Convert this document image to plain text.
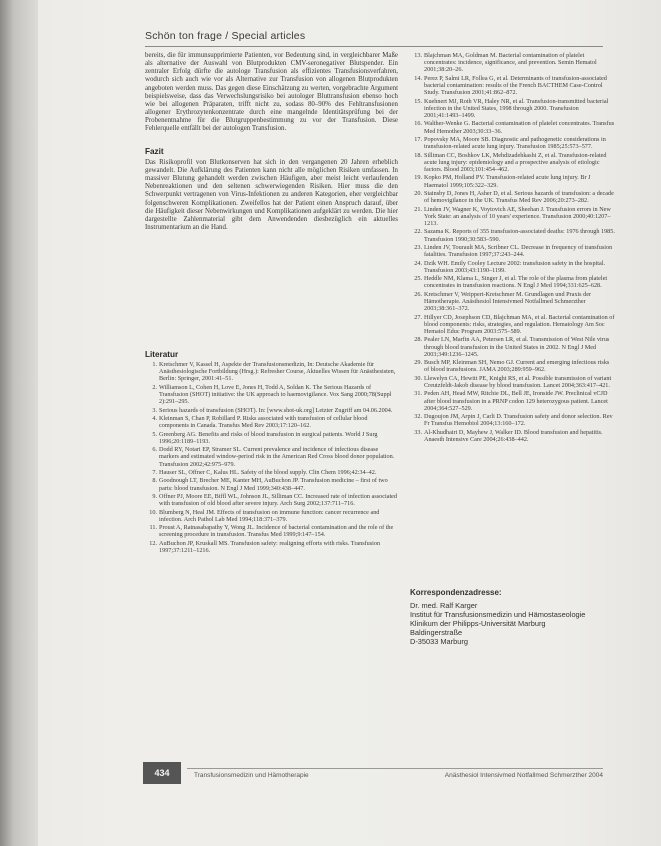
Schön ton frage / Special articles

bereits, die für immunsupprimierte Patienten, vor Bedeutung sind, in vergleichbarer Maße als alternative der Auswahl von Blutprodukten CMV-seronegativer Blutspender. Ein zentraler Erfolg dürfte die autologe Transfusion als effizientes Transfusionsverfahren, wodurch sich auch wie vor als Alternative zur Transfusion von allogenen Blutprodukten angeboten werden muss. Das gegen diese Einschätzung zu werten, vorgebrachte Argument beispielsweise, dass das Verwechslungsrisiko bei autologer Bluttransfusion ebenso hoch wie bei allogenen Präparaten, trifft nicht zu, sodass 80–90% des Fehltransfusionen allogener Erythrozytenkonzentrate durch eine mangelnde Identitätsprüfung bei der Probenentnahme für die Blutgruppenbestimmung zu vor der Transfusion. Diese Fehlerquelle entfällt bei der autologen Transfusion.

Fazit

Das Risikoprofil von Blutkonserven hat sich in den vergangenen 20 Jahren erheblich gewandelt. Die Aufklärung des Patienten kann nicht alle möglichen Risiken umfassen. In massiver Blutung gehandelt werden zwischen Häufigen, aber meist leicht verlaufenden Nebenreaktionen und den seltenen schwerwiegenden Risiken. Hier muss die den Schwerpunkt vertragenen von Virus-Infektionen zu anderen Kategorien, eher vergleichbar folgenschweren Komplikationen. Zweifellos hat der Patient einen Anspruch darauf, über die Häufigkeit dieser Nebenwirkungen und Komplikationen aufgeklärt zu werden. Die hier dargestellte Zahlenmaterial gibt dem Anwendenden diesbezüglich ein aktuelles Instrumentarium an die Hand.

Literatur
1. Kretschmer V, Kassel H, Aspekte der Transfusionsmedizin, In: Deutsche Akademie für Anästhesiologische Fortbildung (Hrsg.): Refresher Course, Aktuelles Wissen für Anästhesisten, Berlin: Springer, 2001:41–51.
2. Williamson L, Cohen H, Love E, Jones H, Todd A, Soldan K. The Serious Hazards of Transfusion (SHOT) initiative: the UK approach to haemovigilance. Vox Sang 2000;78(Suppl 2):291–295.
3. Serious hazards of transfusion (SHOT). In: [www.shot-uk.org] Letzter Zugriff am 04.06.2004.
4. Kleinman S, Chan P, Robillard P. Risks associated with transfusion of cellular blood components in Canada. Transfus Med Rev 2003;17:120–162.
5. Greenberg AG. Benefits and risks of blood transfusion in surgical patients. World J Surg 1996;20:1189–1193.
6. Dodd RY, Notari EP, Stramer SL. Current prevalence and incidence of infectious disease markers and estimated window-period risk in the American Red Cross blood donor population. Transfusion 2002;42:975–979.
7. Hauser SL, Offner C, Kalus HL. Safety of the blood supply. Clin Chem 1996;42:34–42.
8. Goodnough LT, Brecher ME, Kanter MH, AuBuchon JP. Transfusion medicine – first of two parts: blood transfusion. N Engl J Med 1999;340:438–447.
9. Offner PJ, Moore EE, Biffl WL, Johnson JL, Silliman CC. Increased rate of infection associated with transfusion of old blood after severe injury. Arch Surg 2002;137:711–716.
10. Blumberg N, Heal JM. Effects of transfusion on immune function: cancer recurrence and infection. Arch Pathol Lab Med 1994;118:371–379.
11. Proust A, Ratnasabapathy Y, Wong JL. Incidence of bacterial contamination and the role of the screening procedure in transfusion. Transfus Med 1999;9:147–154.
12. AuBuchon JP, Kruskall MS. Transfusion safety: realigning efforts with risks. Transfusion 1997;37:1211–1216.
13. Blajchman MA, Goldman M. Bacterial contamination of platelet concentrates: incidence, significance, and prevention. Semin Hematol 2001;38:20–26.
14. Perez P, Salmi LR, Follea G, et al. Determinants of transfusion-associated bacterial contamination: results of the French BACTHEM Case-Control Study. Transfusion 2001;41:862–872.
15. Kuehnert MJ, Roth VR, Haley NR, et al. Transfusion-transmitted bacterial infection in the United States, 1998 through 2000. Transfusion 2001;41:1493–1499.
16. Walther-Wenke G. Bacterial contamination of platelet concentrates. Transfus Med Hemother 2003;30:33–36.
17. Popovsky MA, Moore SB. Diagnostic and pathogenetic considerations in transfusion-related acute lung injury. Transfusion 1985;25:573–577.
18. Silliman CC, Boshkov LK, Mehdizadehkashi Z, et al. Transfusion-related acute lung injury: epidemiology and a prospective analysis of etiologic factors. Blood 2003;101:454–462.
19. Kopko PM, Holland PV. Transfusion-related acute lung injury. Br J Haematol 1999;105:322–329.
20. Stainsby D, Jones H, Asher D, et al. Serious hazards of transfusion: a decade of hemovigilance in the UK. Transfus Med Rev 2006;20:273–282.
21. Linden JV, Wagner K, Voytovich AE, Sheehan J. Transfusion errors in New York State: an analysis of 10 years' experience. Transfusion 2000;40:1207–1213.
22. Sazama K. Reports of 355 transfusion-associated deaths: 1976 through 1985. Transfusion 1990;30:583–590.
23. Linden JV, Tourault MA, Scribner CL. Decrease in frequency of transfusion fatalities. Transfusion 1997;37:243–244.
24. Dzik WH. Emily Cooley Lecture 2002: transfusion safety in the hospital. Transfusion 2003;43:1190–1199.
25. Heddle NM, Klama L, Singer J, et al. The role of the plasma from platelet concentrates in transfusion reactions. N Engl J Med 1994;331:625–628.
26. Kretschmer V, Weippert-Kretschmer M. Grundlagen und Praxis der Hämotherapie. Anästhesiol Intensivmed Notfallmed Schmerzther 2003;38:361–372.
27. Hillyer CD, Josephson CD, Blajchman MA, et al. Bacterial contamination of blood components: risks, strategies, and regulation. Hematology Am Soc Hematol Educ Program 2003:575–589.
28. Pealer LN, Marfin AA, Petersen LR, et al. Transmission of West Nile virus through blood transfusion in the United States in 2002. N Engl J Med 2003;349:1236–1245.
29. Busch MP, Kleinman SH, Nemo GJ. Current and emerging infectious risks of blood transfusions. JAMA 2003;289:959–962.
30. Llewelyn CA, Hewitt PE, Knight RS, et al. Possible transmission of variant Creutzfeldt-Jakob disease by blood transfusion. Lancet 2004;363:417–421.
31. Peden AH, Head MW, Ritchie DL, Bell JE, Ironside JW. Preclinical vCJD after blood transfusion in a PRNP codon 129 heterozygous patient. Lancet 2004;364:527–529.
32. Dugoujon JM, Arpin J, Carli D. Transfusion safety and donor selection. Rev Fr Transfus Hemobiol 2004;13:160–172.
33. Al-Khudhairi D, Mayhew J, Walker ID. Blood transfusion and hepatitis. Anaesth Intensive Care 2004;26:438–442.
Korrespondenzadresse:

Dr. med. Ralf Karger

Institut für Transfusionsmedizin und Hämostaseologie

Klinikum der Philipps-Universität Marburg

Baldingerstraße

D-35033 Marburg

434	Transfusionsmedizin und Hämotherapie	Anästhesiol Intensivmed Notfallmed Schmerzther 2004
